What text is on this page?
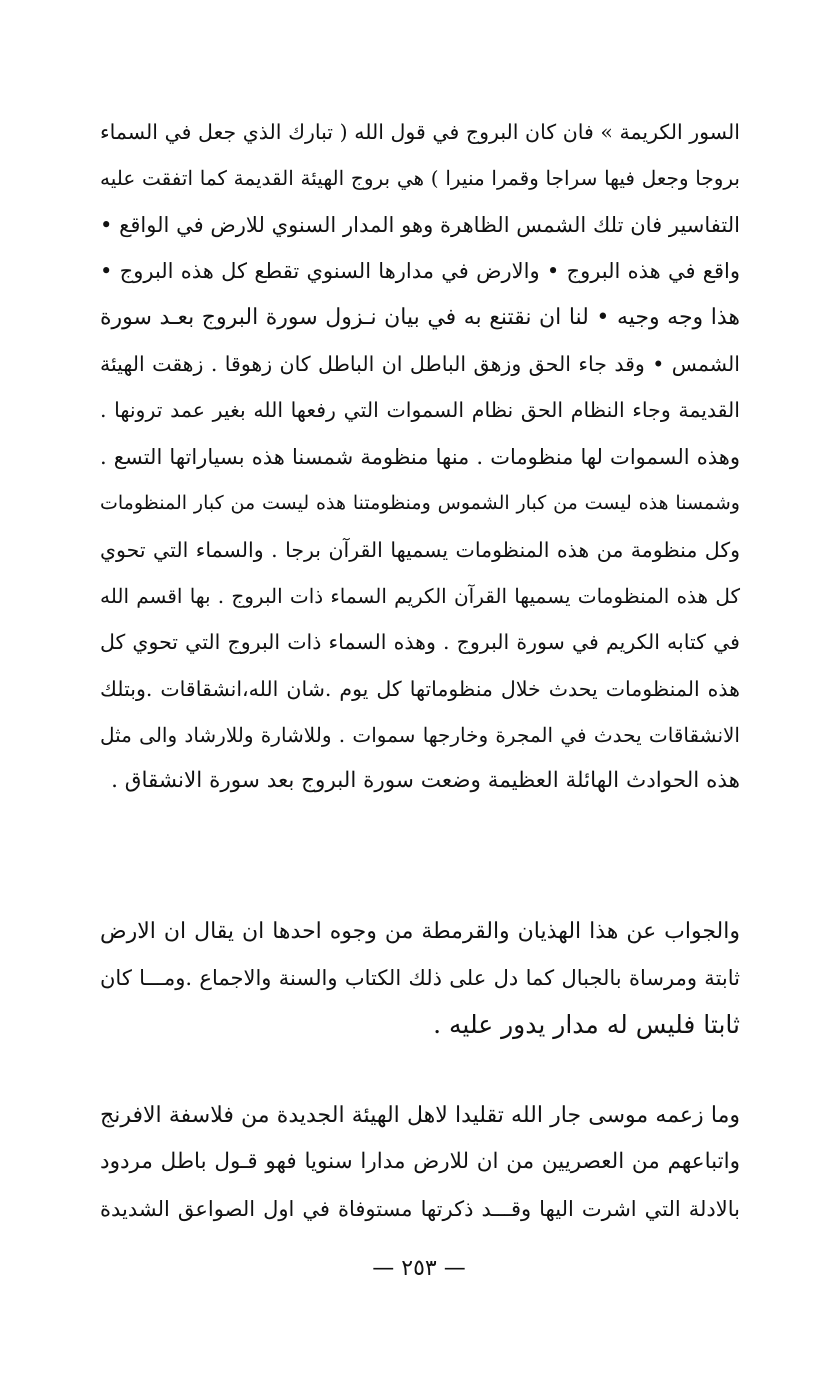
السور الكريمة » فان كان البروج في قول الله ( تبارك الذي جعل في السماء
بروجا وجعل فيها سراجا وقمرا منيرا ) هي بروج الهيئة القديمة كما اتفقت عليه
التفاسير فان تلك الشمس الظاهرة وهو المدار السنوي للارض في الواقع •
واقع في هذه البروج • والارض في مدارها السنوي تقطع كل هذه البروج •
هذا وجه وجيه • لنا ان نقتنع به في بيان نـزول سورة البروج بعـد سورة
الشمس • وقد جاء الحق وزهق الباطل ان الباطل كان زهوقا . زهقت الهيئة
القديمة وجاء النظام الحق نظام السموات التي رفعها الله بغير عمد ترونها .
وهذه السموات لها منظومات . منها منظومة شمسنا هذه بسياراتها التسع .
وشمسنا هذه ليست من كبار الشموس ومنظومتنا هذه ليست من كبار المنظومات
وكل منظومة من هذه المنظومات يسميها القرآن برجا . والسماء التي تحوي
كل هذه المنظومات يسميها القرآن الكريم السماء ذات البروج . بها اقسم الله
في كتابه الكريم في سورة البروج . وهذه السماء ذات البروج التي تحوي كل
هذه المنظومات يحدث خلال منظوماتها كل يوم .شان الله،انشقاقات .وبتلك
الانشقاقات يحدث في المجرة وخارجها سموات . وللاشارة وللارشاد والى مثل
هذه الحوادث الهائلة العظيمة وضعت سورة البروج بعد سورة الانشقاق .
والجواب عن هذا الهذيان والقرمطة من وجوه احدها ان يقال ان الارض
ثابتة ومرساة بالجبال كما دل على ذلك الكتاب والسنة والاجماع .ومـــا كان
ثابتا فليس له مدار يدور عليه .
وما زعمه موسى جار الله تقليدا لاهل الهيئة الجديدة من فلاسفة الافرنج
واتباعهم من العصريين من ان للارض مدارا سنويا فهو قـول باطل مردود
بالادلة التي اشرت اليها وقـــد ذكرتها مستوفاة في اول الصواعق الشديدة
— ٢٥٣ —
